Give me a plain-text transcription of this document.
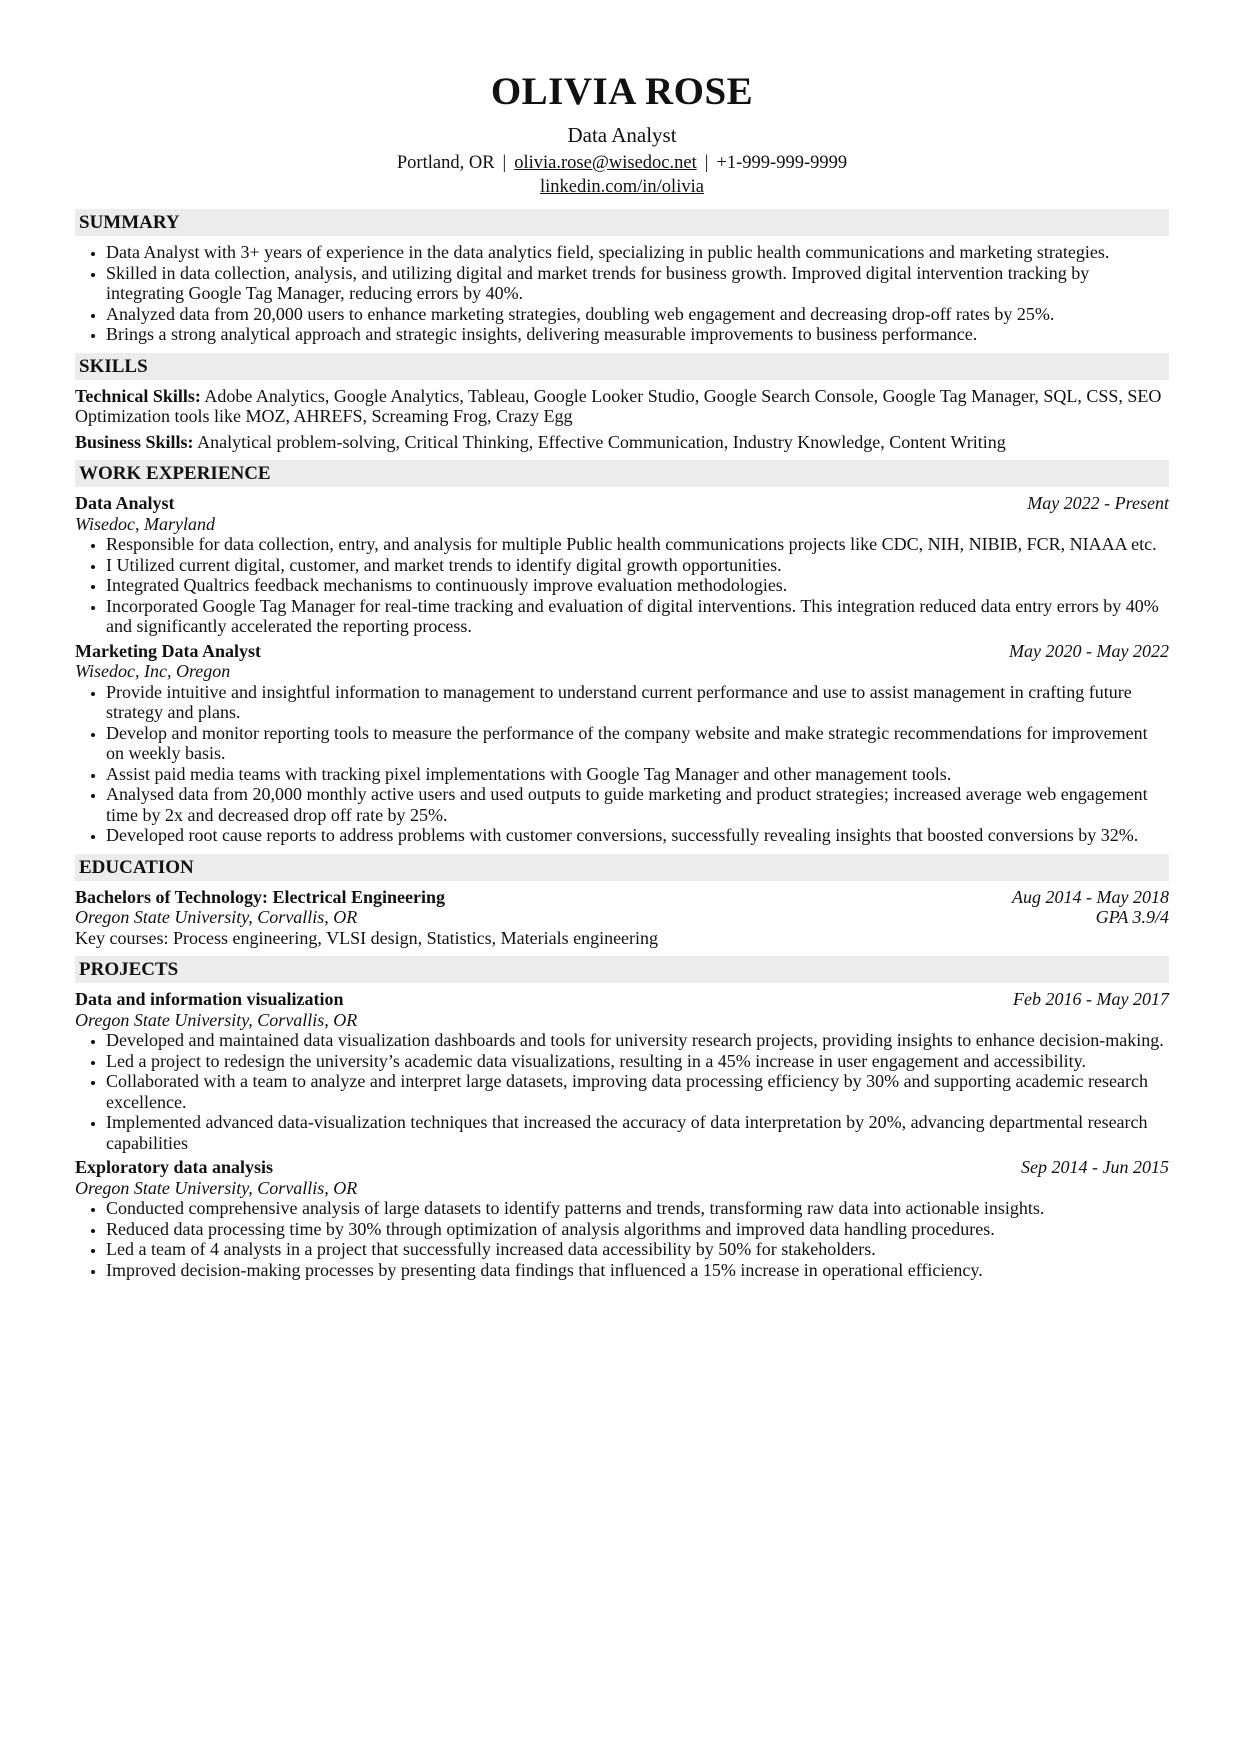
OLIVIA ROSE
Data Analyst
Portland, OR | olivia.rose@wisedoc.net | +1-999-999-9999
linkedin.com/in/olivia
SUMMARY
• Data Analyst with 3+ years of experience in the data analytics field, specializing in public health communications and marketing strategies.
• Skilled in data collection, analysis, and utilizing digital and market trends for business growth. Improved digital intervention tracking by integrating Google Tag Manager, reducing errors by 40%.
• Analyzed data from 20,000 users to enhance marketing strategies, doubling web engagement and decreasing drop-off rates by 25%.
• Brings a strong analytical approach and strategic insights, delivering measurable improvements to business performance.
SKILLS
Technical Skills: Adobe Analytics, Google Analytics, Tableau, Google Looker Studio, Google Search Console, Google Tag Manager, SQL, CSS, SEO Optimization tools like MOZ, AHREFS, Screaming Frog, Crazy Egg
Business Skills: Analytical problem-solving, Critical Thinking, Effective Communication, Industry Knowledge, Content Writing
WORK EXPERIENCE
Data Analyst	May 2022 - Present
Wisedoc, Maryland
• Responsible for data collection, entry, and analysis for multiple Public health communications projects like CDC, NIH, NIBIB, FCR, NIAAA etc.
• I Utilized current digital, customer, and market trends to identify digital growth opportunities.
• Integrated Qualtrics feedback mechanisms to continuously improve evaluation methodologies.
• Incorporated Google Tag Manager for real-time tracking and evaluation of digital interventions. This integration reduced data entry errors by 40% and significantly accelerated the reporting process.
Marketing Data Analyst	May 2020 - May 2022
Wisedoc, Inc, Oregon
• Provide intuitive and insightful information to management to understand current performance and use to assist management in crafting future strategy and plans.
• Develop and monitor reporting tools to measure the performance of the company website and make strategic recommendations for improvement on weekly basis.
• Assist paid media teams with tracking pixel implementations with Google Tag Manager and other management tools.
• Analysed data from 20,000 monthly active users and used outputs to guide marketing and product strategies; increased average web engagement time by 2x and decreased drop off rate by 25%.
• Developed root cause reports to address problems with customer conversions, successfully revealing insights that boosted conversions by 32%.
EDUCATION
Bachelors of Technology: Electrical Engineering	Aug 2014 - May 2018
Oregon State University, Corvallis, OR	GPA 3.9/4
Key courses: Process engineering, VLSI design, Statistics, Materials engineering
PROJECTS
Data and information visualization	Feb 2016 - May 2017
Oregon State University, Corvallis, OR
• Developed and maintained data visualization dashboards and tools for university research projects, providing insights to enhance decision-making.
• Led a project to redesign the university’s academic data visualizations, resulting in a 45% increase in user engagement and accessibility.
• Collaborated with a team to analyze and interpret large datasets, improving data processing efficiency by 30% and supporting academic research excellence.
• Implemented advanced data-visualization techniques that increased the accuracy of data interpretation by 20%, advancing departmental research capabilities
Exploratory data analysis	Sep 2014 - Jun 2015
Oregon State University, Corvallis, OR
• Conducted comprehensive analysis of large datasets to identify patterns and trends, transforming raw data into actionable insights.
• Reduced data processing time by 30% through optimization of analysis algorithms and improved data handling procedures.
• Led a team of 4 analysts in a project that successfully increased data accessibility by 50% for stakeholders.
• Improved decision-making processes by presenting data findings that influenced a 15% increase in operational efficiency.
